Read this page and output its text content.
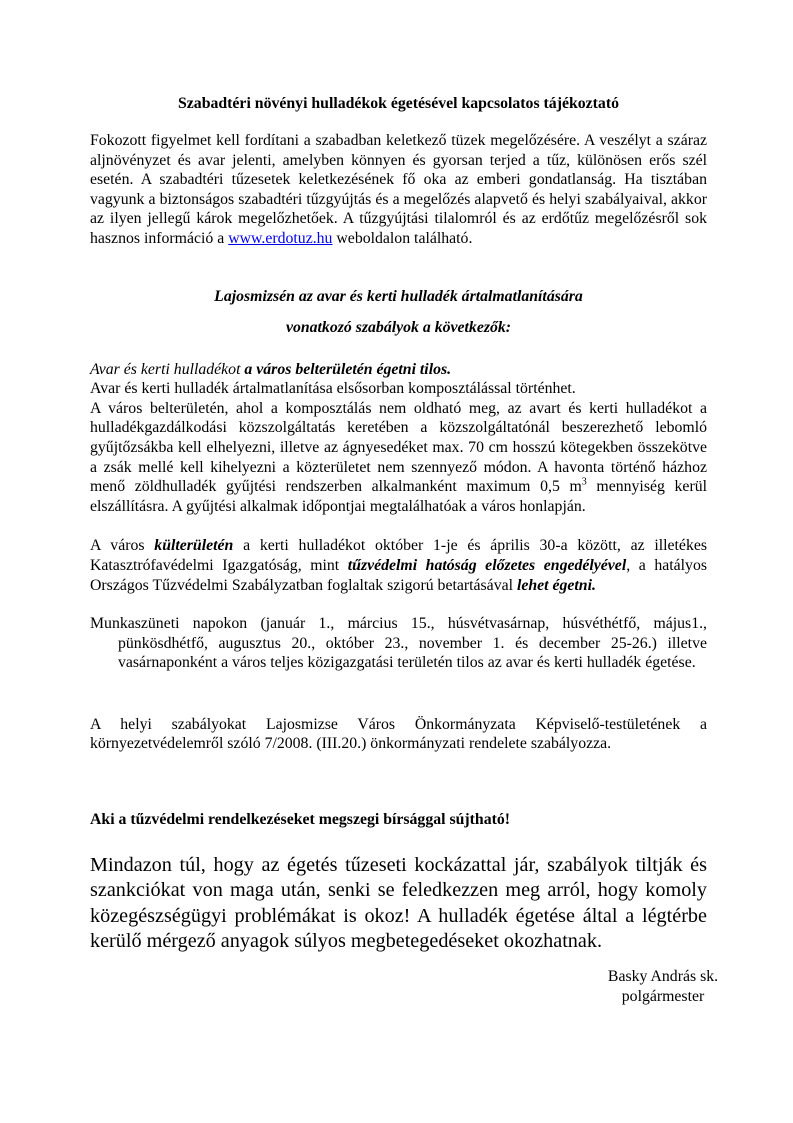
Szabadtéri növényi hulladékok égetésével kapcsolatos tájékoztató

Fokozott figyelmet kell fordítani a szabadban keletkező tüzek megelőzésére. A veszélyt a száraz aljnövényzet és avar jelenti, amelyben könnyen és gyorsan terjed a tűz, különösen erős szél esetén. A szabadtéri tűzesetek keletkezésének fő oka az emberi gondatlanság. Ha tisztában vagyunk a biztonságos szabadtéri tűzgyújtás és a megelőzés alapvető és helyi szabályaival, akkor az ilyen jellegű károk megelőzhetőek. A tűzgyújtási tilalomról és az erdőtűz megelőzésről sok hasznos információ a www.erdotuz.hu weboldalon található.

Lajosmizsén az avar és kerti hulladék ártalmatlanítására
vonatkozó szabályok a következők:

Avar és kerti hulladékot a város belterületén égetni tilos.

Avar és kerti hulladék ártalmatlanítása elsősorban komposztálással történhet.

A város belterületén, ahol a komposztálás nem oldható meg, az avart és kerti hulladékot a hulladékgazdálkodási közszolgáltatás keretében a közszolgáltatónál beszerezhető lebomló gyűjtőzsákba kell elhelyezni, illetve az ágnyesedéket max. 70 cm hosszú kötegekben összekötve a zsák mellé kell kihelyezni a közterületet nem szennyező módon. A havonta történő házhoz menő zöldhulladék gyűjtési rendszerben alkalmanként maximum 0,5 $m^3$ mennyiség kerül elszállításra. A gyűjtési alkalmak időpontjai megtalálhatóak a város honlapján.

A város külterületén a kerti hulladékot október 1-je és április 30-a között, az illetékes Katasztrófavédelmi Igazgatóság, mint tűzvédelmi hatóság előzetes engedélyével, a hatályos Országos Tűzvédelmi Szabályzatban foglaltak szigorú betartásával lehet égetni.

Munkaszüneti napokon (január 1., március 15., húsvétvasárnap, húsvéthétfő, május1., pünkösdhétfő, augusztus 20., október 23., november 1. és december 25-26.) illetve vasárnaponként a város teljes közigazgatási területén tilos az avar és kerti hulladék égetése.

A helyi szabályokat Lajosmizse Város Önkormányzata Képviselő-testületének a környezetvédelemről szóló 7/2008. (III.20.) önkormányzati rendelete szabályozza.

Aki a tűzvédelmi rendelkezéseket megszegi bírsággal sújtható!

Mindazon túl, hogy az égetés tűzeseti kockázattal jár, szabályok tiltják és szankciókat von maga után, senki se feledkezzen meg arról, hogy komoly közegészségügyi problémákat is okoz! A hulladék égetése által a légtérbe kerülő mérgező anyagok súlyos megbetegedéseket okozhatnak.

Basky András sk.
polgármester
